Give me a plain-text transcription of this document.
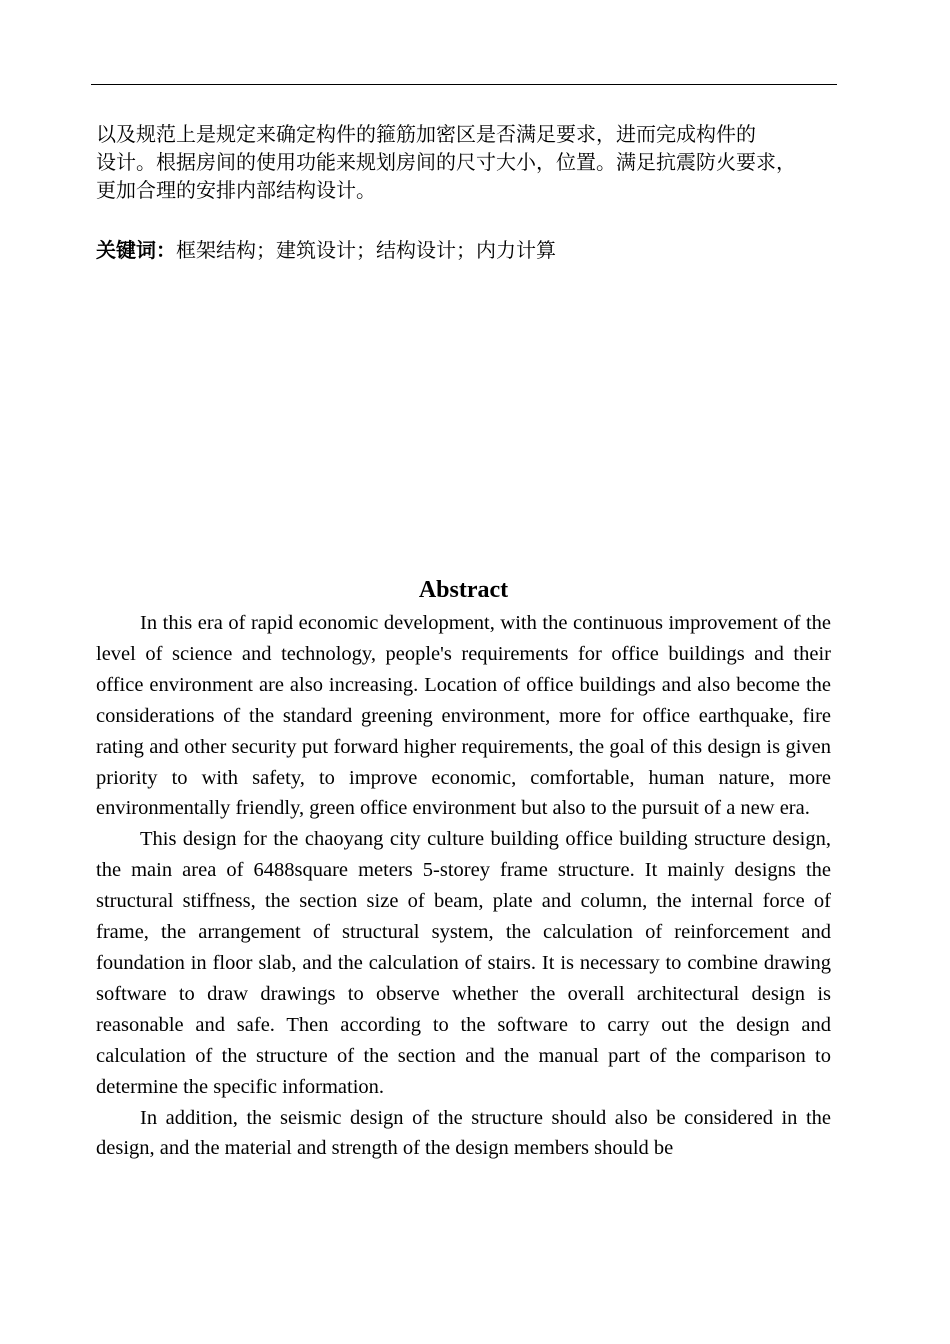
以及规范上是规定来确定构件的箍筋加密区是否满足要求，进而完成构件的
设计。根据房间的使用功能来规划房间的尺寸大小，位置。满足抗震防火要求，
更加合理的安排内部结构设计。
关键词：框架结构；建筑设计；结构设计；内力计算
Abstract

In this era of rapid economic development, with the continuous improvement of the level of science and technology, people's requirements for office buildings and their office environment are also increasing. Location of office buildings and also become the considerations of the standard greening environment, more for office earthquake, fire rating and other security put forward higher requirements, the goal of this design is given priority to with safety, to improve economic, comfortable, human nature, more environmentally friendly, green office environment but also to the pursuit of a new era.

This design for the chaoyang city culture building office building structure design, the main area of 6488square meters 5-storey frame structure. It mainly designs the structural stiffness, the section size of beam, plate and column, the internal force of frame, the arrangement of structural system, the calculation of reinforcement and foundation in floor slab, and the calculation of stairs. It is necessary to combine drawing software to draw drawings to observe whether the overall architectural design is reasonable and safe. Then according to the software to carry out the design and calculation of the structure of the section and the manual part of the comparison to determine the specific information.

In addition, the seismic design of the structure should also be considered in the design, and the material and strength of the design members should be
